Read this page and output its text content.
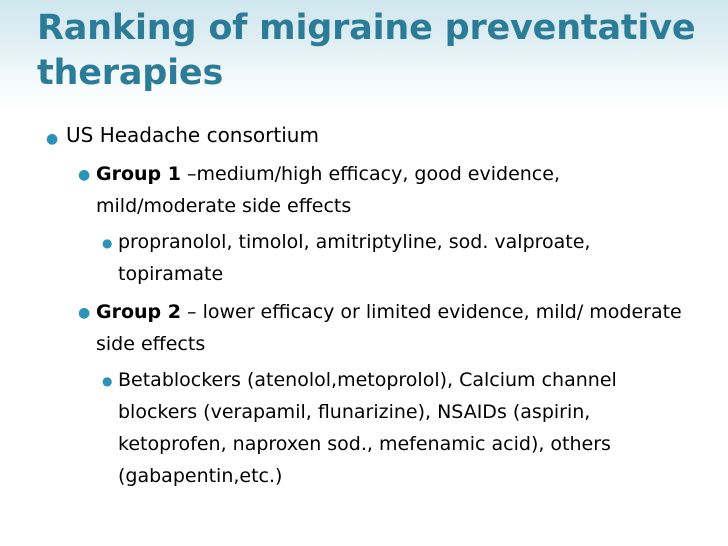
Ranking of migraine preventative therapies
● US Headache consortium
● Group 1 –medium/high efficacy, good evidence, mild/moderate side effects
● propranolol, timolol, amitriptyline, sod. valproate, topiramate
● Group 2 – lower efficacy or limited evidence, mild/ moderate side effects
● Betablockers (atenolol,metoprolol), Calcium channel blockers (verapamil, flunarizine), NSAIDs (aspirin, ketoprofen, naproxen sod., mefenamic acid), others (gabapentin,etc.)
